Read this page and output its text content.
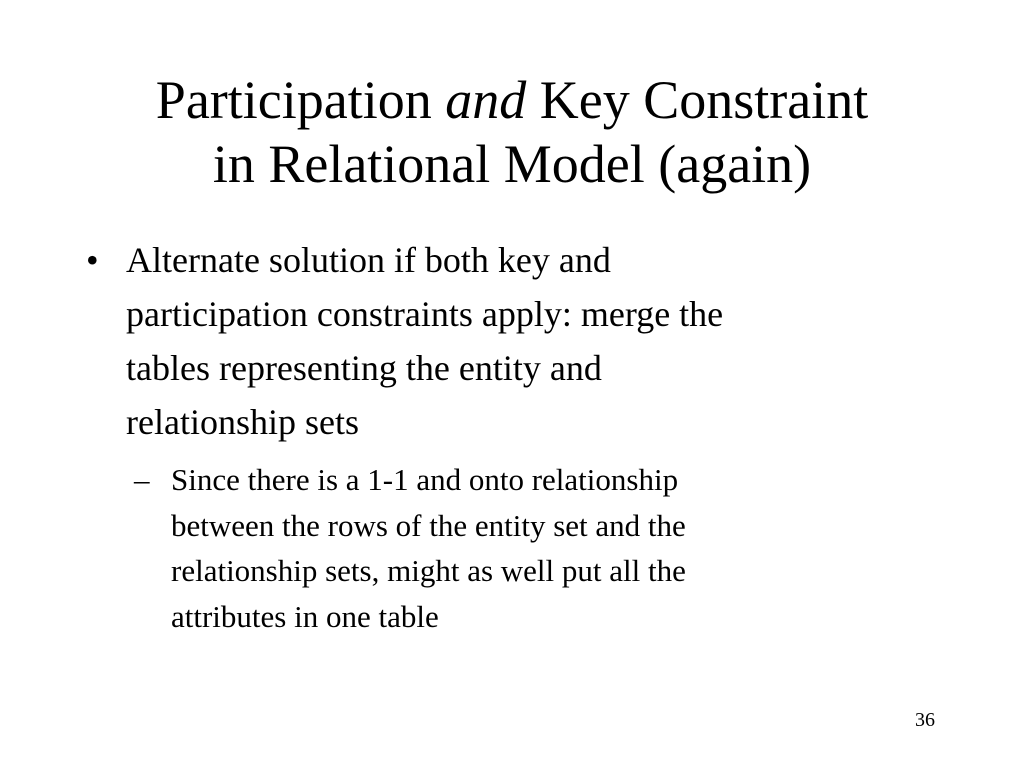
Participation and Key Constraint
in Relational Model (again)
• Alternate solution if both key and
participation constraints apply: merge the
tables representing the entity and
relationship sets
– Since there is a 1-1 and onto relationship
between the rows of the entity set and the
relationship sets, might as well put all the
attributes in one table
36
